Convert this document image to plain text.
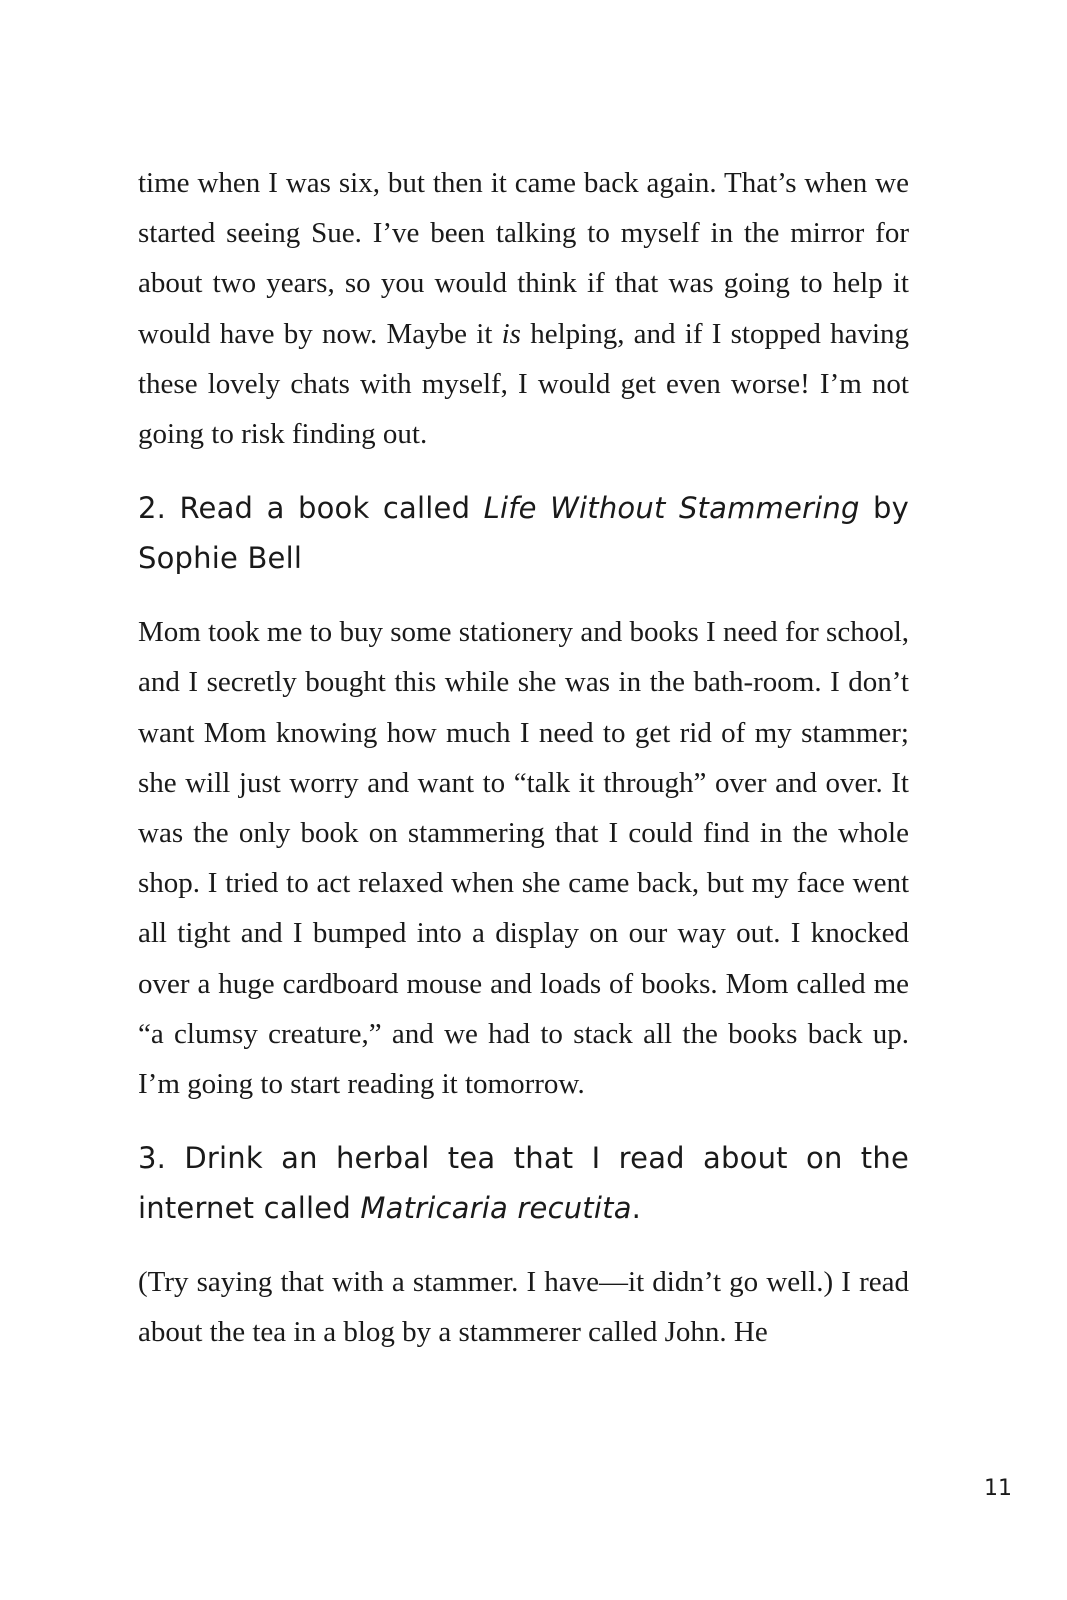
time when I was six, but then it came back again. That’s when we started seeing Sue. I’ve been talking to myself in the mirror for about two years, so you would think if that was going to help it would have by now. Maybe it is helping, and if I stopped having these lovely chats with myself, I would get even worse! I’m not going to risk finding out.

2. Read a book called Life Without Stammering by Sophie Bell

Mom took me to buy some stationery and books I need for school, and I secretly bought this while she was in the bath-room. I don’t want Mom knowing how much I need to get rid of my stammer; she will just worry and want to “talk it through” over and over. It was the only book on stammering that I could find in the whole shop. I tried to act relaxed when she came back, but my face went all tight and I bumped into a display on our way out. I knocked over a huge cardboard mouse and loads of books. Mom called me “a clumsy creature,” and we had to stack all the books back up. I’m going to start reading it tomorrow.

3. Drink an herbal tea that I read about on the internet called Matricaria recutita.

(Try saying that with a stammer. I have—it didn’t go well.) I read about the tea in a blog by a stammerer called John. He

11
